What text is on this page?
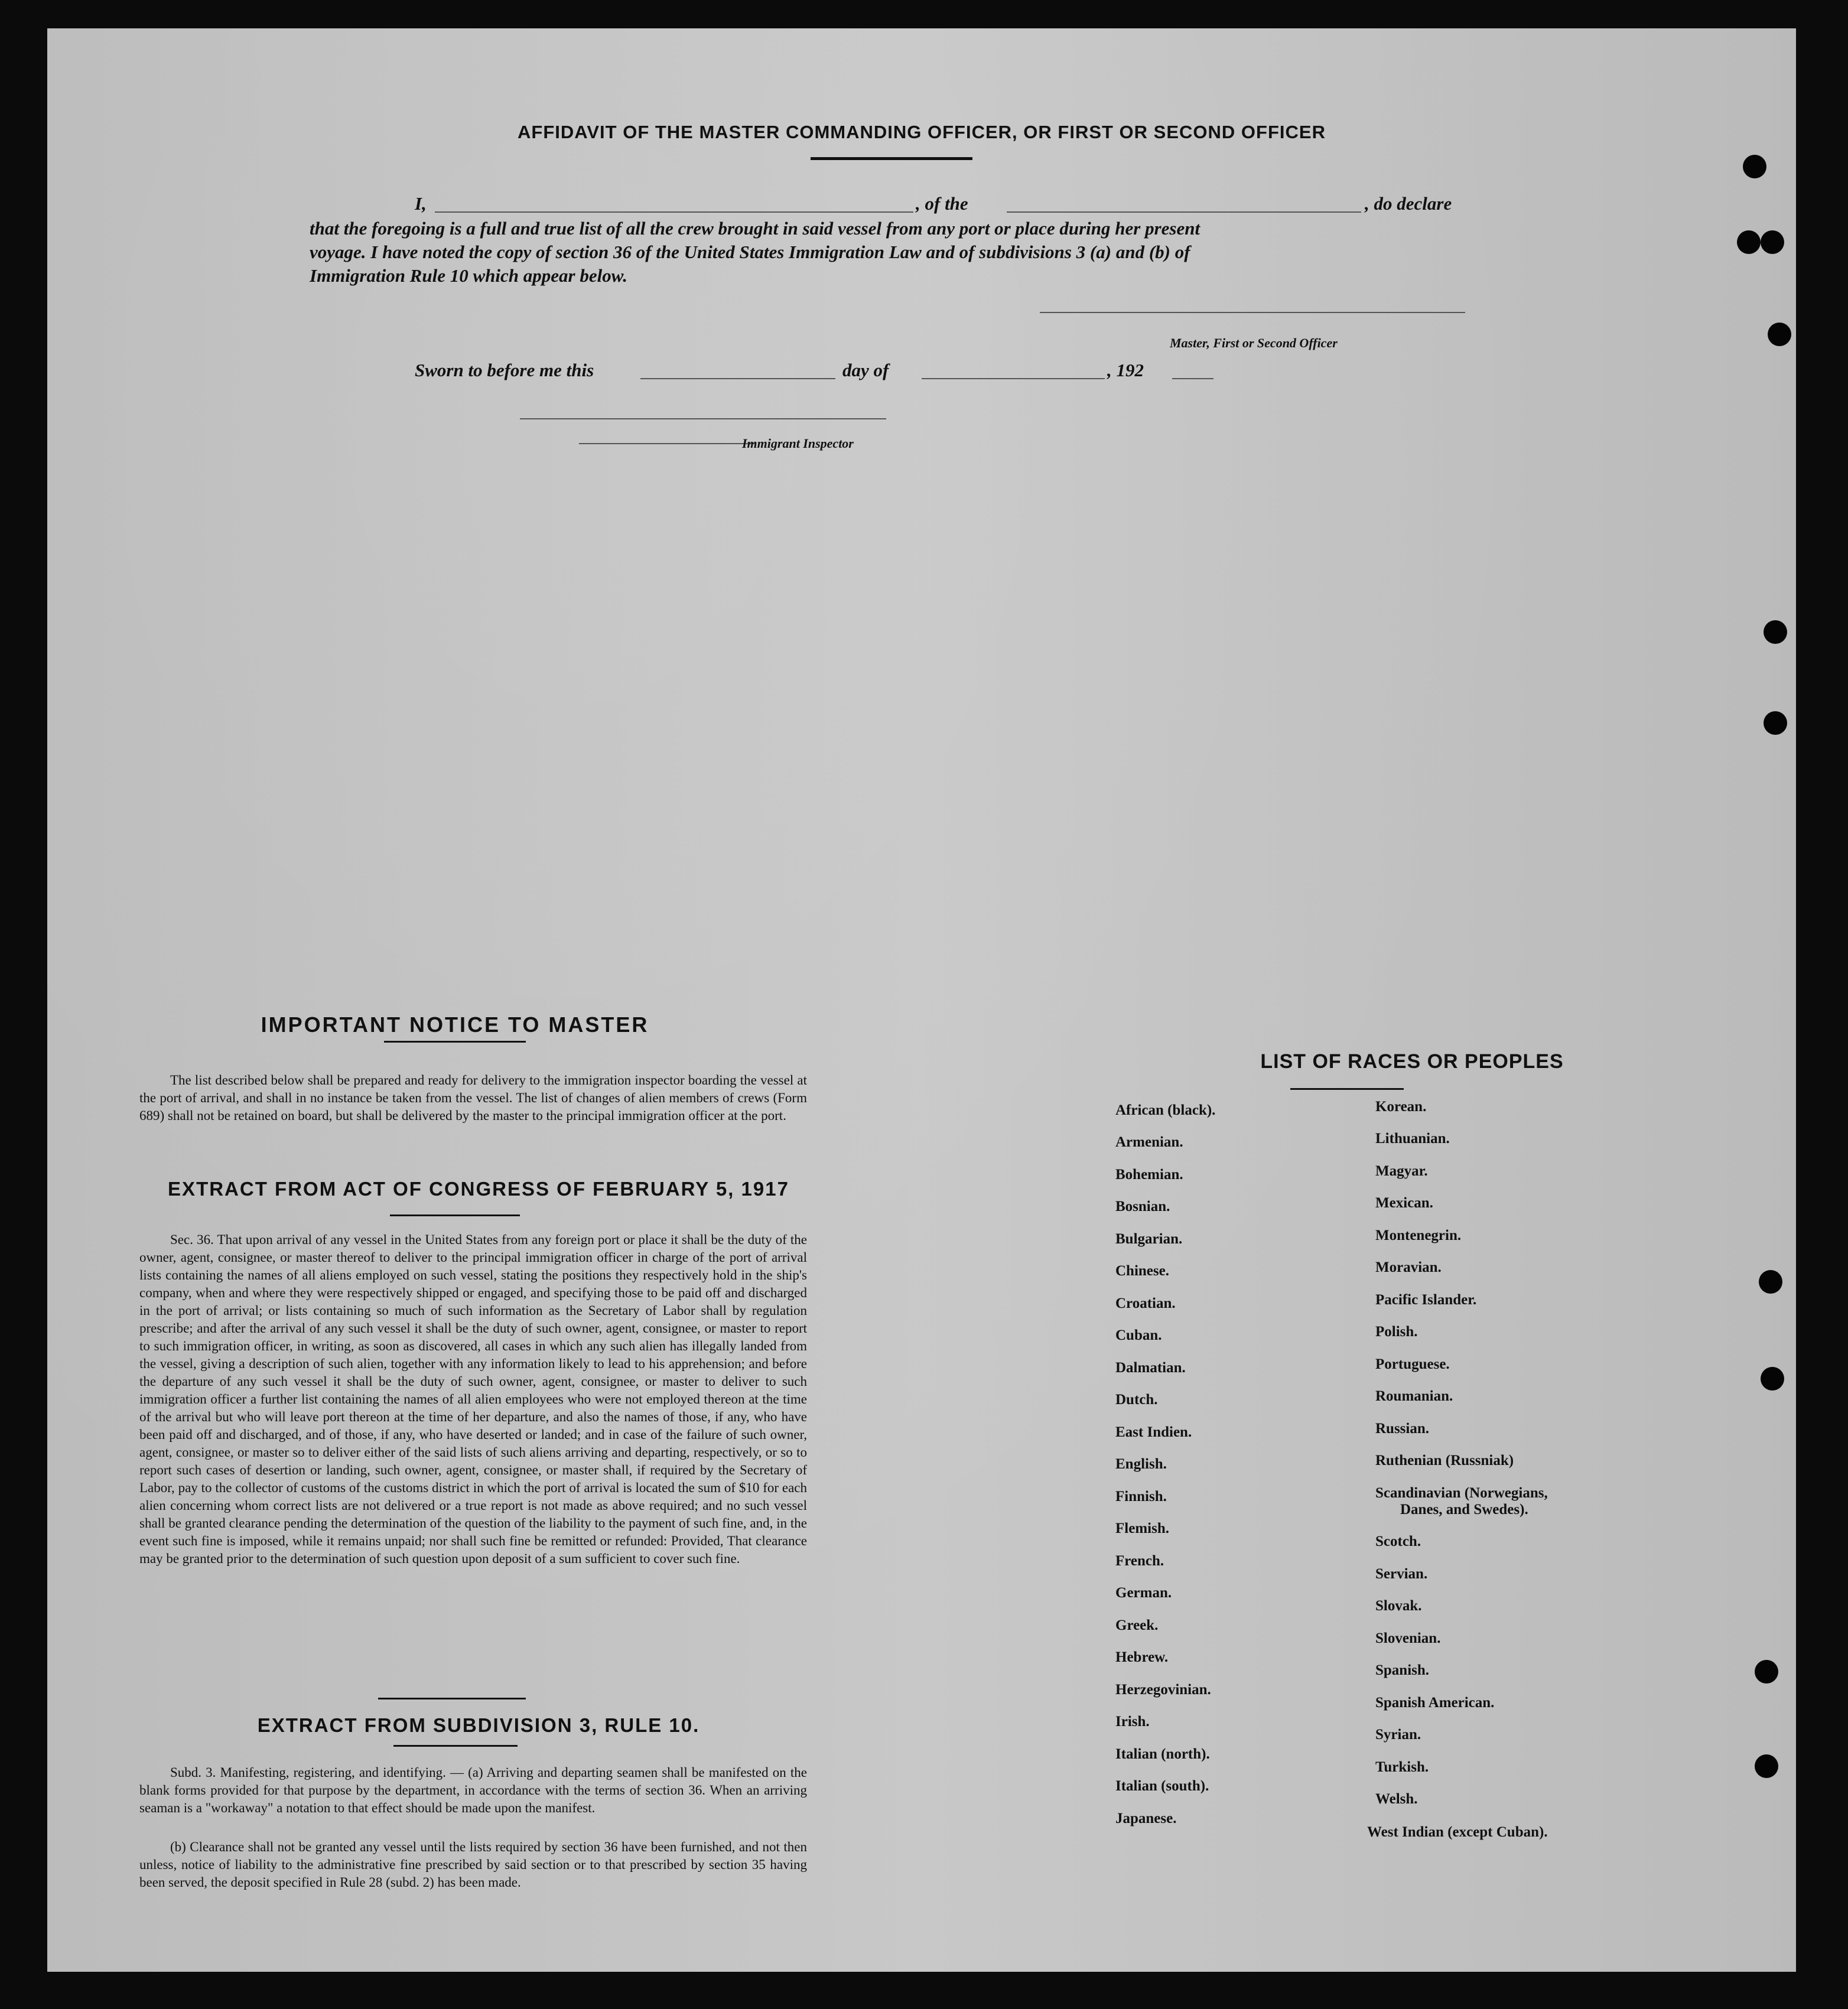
AFFIDAVIT OF THE MASTER COMMANDING OFFICER, OR FIRST OR SECOND OFFICER
I,	, of the	, do declare
that the foregoing is a full and true list of all the crew brought in said vessel from any port or place during her present
voyage. I have noted the copy of section 36 of the United States Immigration Law and of subdivisions 3 (a) and (b) of
Immigration Rule 10 which appear below.
Master, First or Second Officer
Sworn to before me this	day of	, 192
Immigrant Inspector
IMPORTANT NOTICE TO MASTER
The list described below shall be prepared and ready for delivery to the immigration inspector boarding the vessel at the port of arrival, and shall in no instance be taken from the vessel. The list of changes of alien members of crews (Form 689) shall not be retained on board, but shall be delivered by the master to the principal immigration officer at the port.
EXTRACT FROM ACT OF CONGRESS OF FEBRUARY 5, 1917
Sec. 36. That upon arrival of any vessel in the United States from any foreign port or place it shall be the duty of the owner, agent, consignee, or master thereof to deliver to the principal immigration officer in charge of the port of arrival lists containing the names of all aliens employed on such vessel, stating the positions they respectively hold in the ship's company, when and where they were respectively shipped or engaged, and specifying those to be paid off and discharged in the port of arrival; or lists containing so much of such information as the Secretary of Labor shall by regulation prescribe; and after the arrival of any such vessel it shall be the duty of such owner, agent, consignee, or master to report to such immigration officer, in writing, as soon as discovered, all cases in which any such alien has illegally landed from the vessel, giving a description of such alien, together with any information likely to lead to his apprehension; and before the departure of any such vessel it shall be the duty of such owner, agent, consignee, or master to deliver to such immigration officer a further list containing the names of all alien employees who were not employed thereon at the time of the arrival but who will leave port thereon at the time of her departure, and also the names of those, if any, who have been paid off and discharged, and of those, if any, who have deserted or landed; and in case of the failure of such owner, agent, consignee, or master so to deliver either of the said lists of such aliens arriving and departing, respectively, or so to report such cases of desertion or landing, such owner, agent, consignee, or master shall, if required by the Secretary of Labor, pay to the collector of customs of the customs district in which the port of arrival is located the sum of $10 for each alien concerning whom correct lists are not delivered or a true report is not made as above required; and no such vessel shall be granted clearance pending the determination of the question of the liability to the payment of such fine, and, in the event such fine is imposed, while it remains unpaid; nor shall such fine be remitted or refunded: Provided, That clearance may be granted prior to the determination of such question upon deposit of a sum sufficient to cover such fine.
EXTRACT FROM SUBDIVISION 3, RULE 10.
Subd. 3. Manifesting, registering, and identifying. — (a) Arriving and departing seamen shall be manifested on the blank forms provided for that purpose by the department, in accordance with the terms of section 36. When an arriving seaman is a "workaway" a notation to that effect should be made upon the manifest.
(b) Clearance shall not be granted any vessel until the lists required by section 36 have been furnished, and not then unless, notice of liability to the administrative fine prescribed by said section or to that prescribed by section 35 having been served, the deposit specified in Rule 28 (subd. 2) has been made.
LIST OF RACES OR PEOPLES
African (black).
Armenian.
Bohemian.
Bosnian.
Bulgarian.
Chinese.
Croatian.
Cuban.
Dalmatian.
Dutch.
East Indien.
English.
Finnish.
Flemish.
French.
German.
Greek.
Hebrew.
Herzegovinian.
Irish.
Italian (north).
Italian (south).
Japanese.
Korean.
Lithuanian.
Magyar.
Mexican.
Montenegrin.
Moravian.
Pacific Islander.
Polish.
Portuguese.
Roumanian.
Russian.
Ruthenian (Russniak)
Scandinavian (Norwegians,
Danes, and Swedes).
Scotch.
Servian.
Slovak.
Slovenian.
Spanish.
Spanish American.
Syrian.
Turkish.
Welsh.
West Indian (except Cuban).
